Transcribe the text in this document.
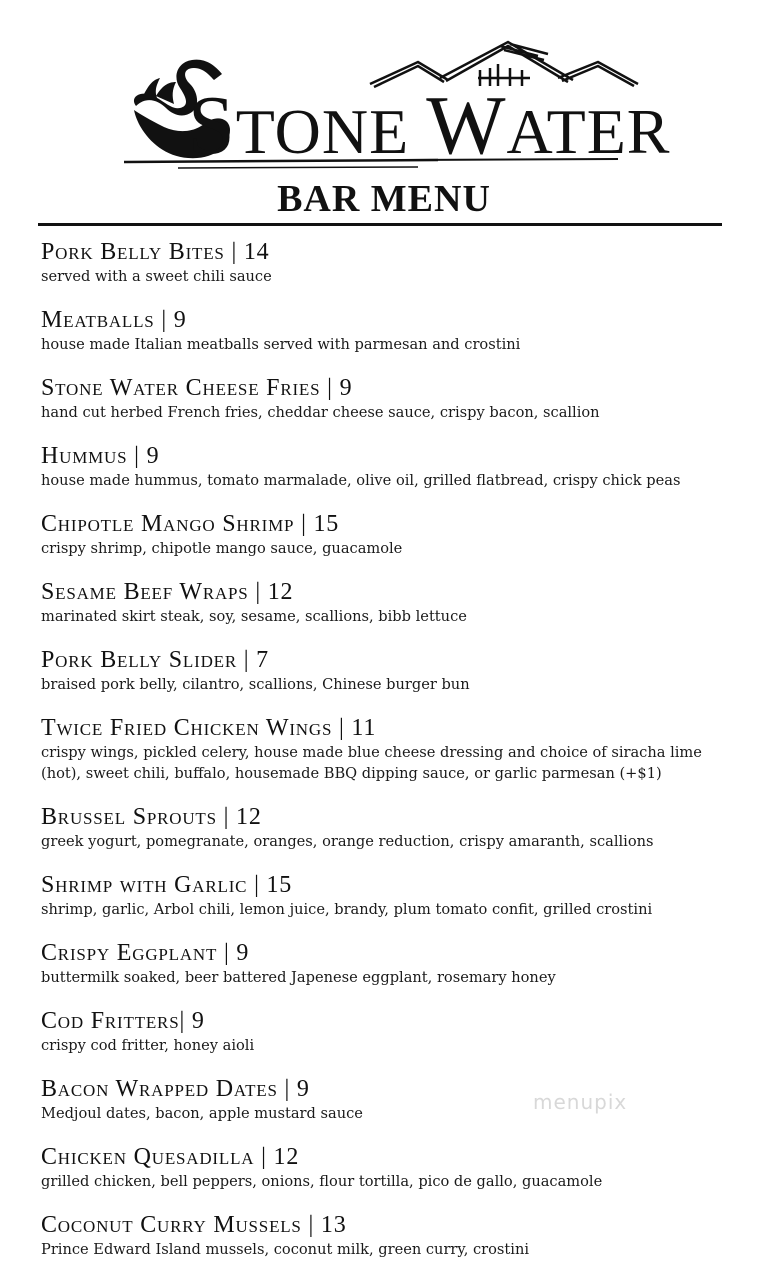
STONE WATER
BAR MENU
Pork Belly Bites | 14
served with a sweet chili sauce
Meatballs | 9
house made Italian meatballs served with parmesan and crostini
Stone Water Cheese Fries | 9
hand cut herbed French fries, cheddar cheese sauce, crispy bacon, scallion
Hummus | 9
house made hummus, tomato marmalade, olive oil, grilled flatbread, crispy chick peas
Chipotle Mango Shrimp | 15
crispy shrimp, chipotle mango sauce, guacamole
Sesame Beef Wraps | 12
marinated skirt steak, soy, sesame, scallions, bibb lettuce
Pork Belly Slider | 7
braised pork belly, cilantro, scallions, Chinese burger bun
Twice Fried Chicken Wings | 11
crispy wings, pickled celery, house made blue cheese dressing and choice of siracha lime
(hot), sweet chili, buffalo, housemade BBQ dipping sauce, or garlic parmesan (+$1)
Brussel Sprouts | 12
greek yogurt, pomegranate, oranges, orange reduction, crispy amaranth, scallions
Shrimp with Garlic | 15
shrimp, garlic, Arbol chili, lemon juice, brandy, plum tomato confit, grilled crostini
Crispy Eggplant | 9
buttermilk soaked, beer battered Japenese eggplant, rosemary honey
Cod Fritters| 9
crispy cod fritter, honey aioli
Bacon Wrapped Dates | 9
Medjoul dates, bacon, apple mustard sauce
Chicken Quesadilla | 12
grilled chicken, bell peppers, onions, flour tortilla, pico de gallo, guacamole
Coconut Curry Mussels | 13
Prince Edward Island mussels, coconut milk, green curry, crostini
menupix
